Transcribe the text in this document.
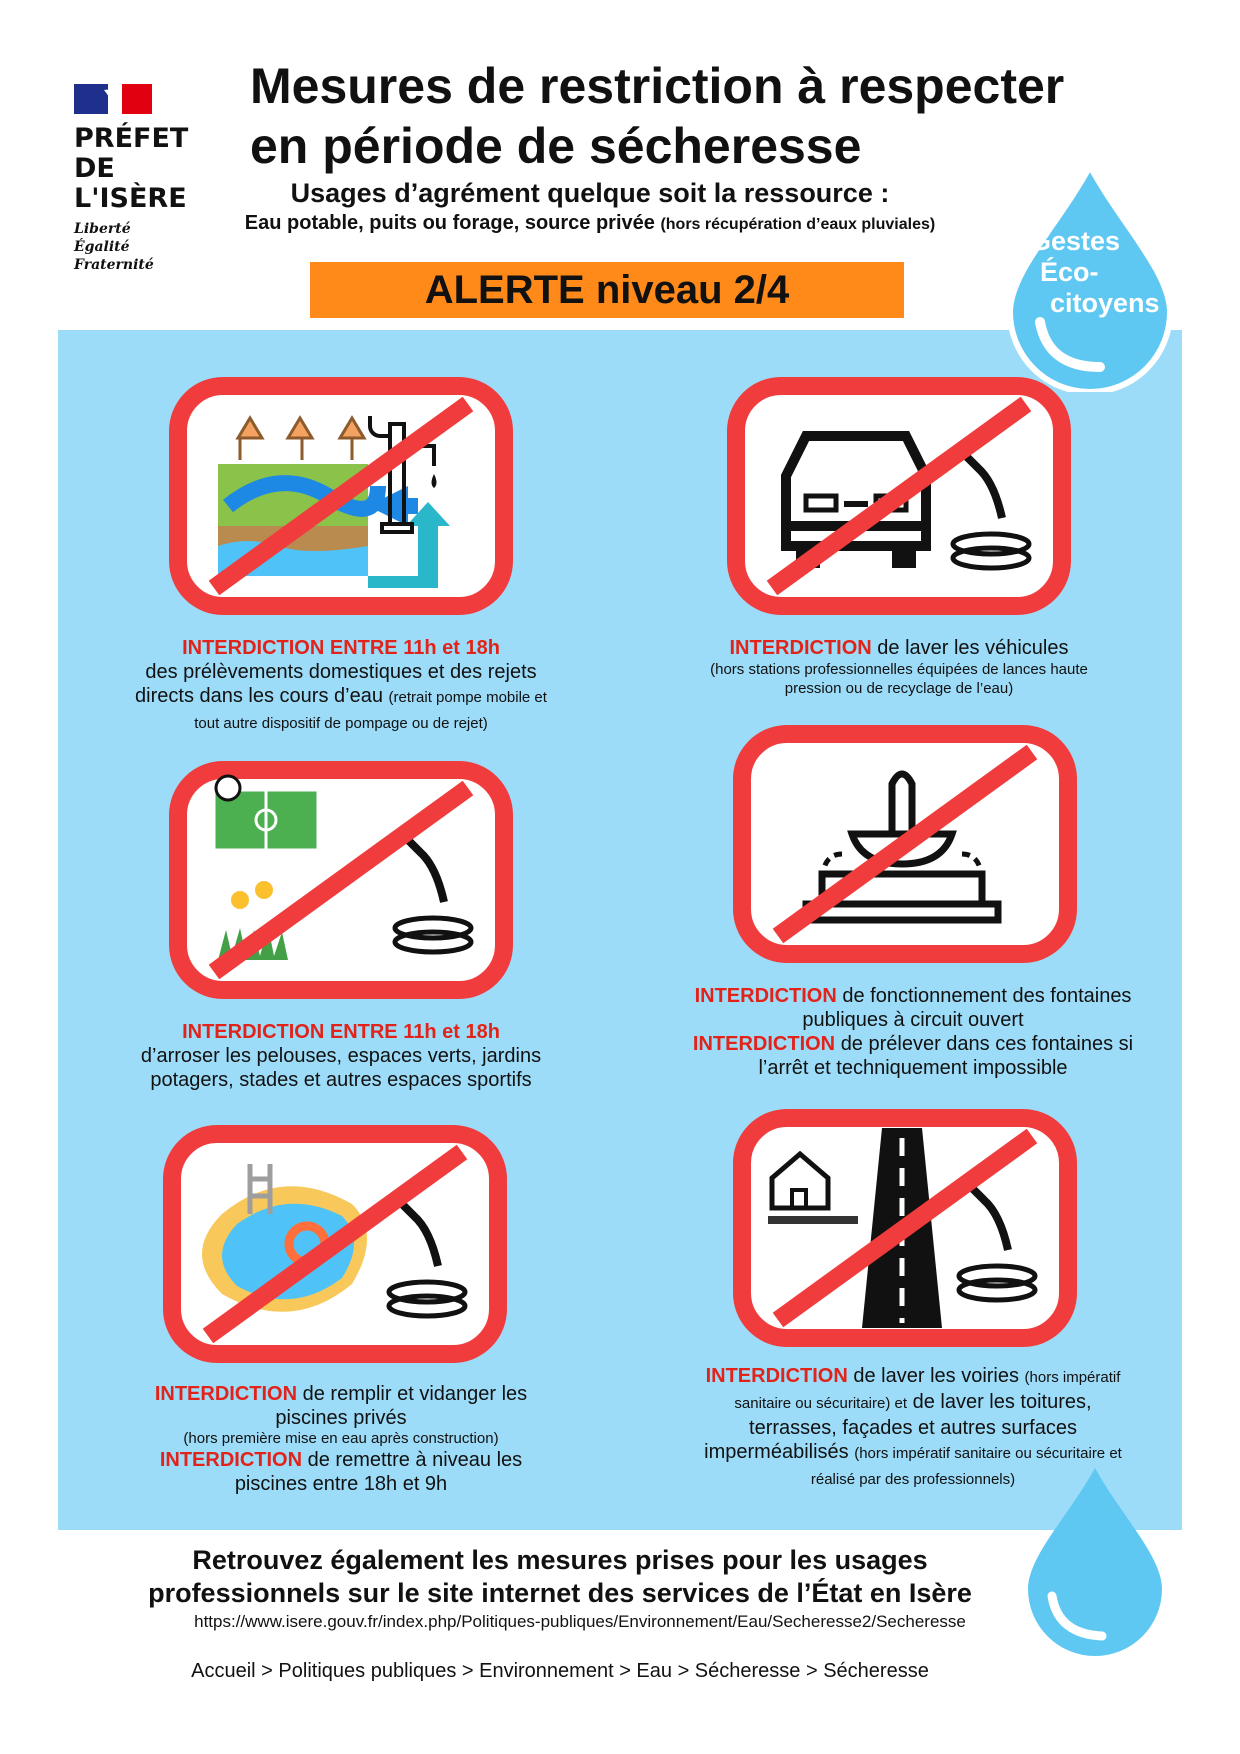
PRÉFET
DE L'ISÈRE
Liberté
Égalité
Fraternité
Mesures de restriction à respecter
en période de sécheresse
Usages d’agrément quelque soit la ressource :
Eau potable, puits ou forage, source privée (hors récupération d’eaux pluviales)
ALERTE niveau 2/4
Gestes
Éco-
citoyens
INTERDICTION ENTRE 11h et 18h
des prélèvements domestiques et des rejets directs dans les cours d’eau (retrait pompe mobile et tout autre dispositif de pompage ou de rejet)
INTERDICTION de laver les véhicules
(hors stations professionnelles équipées de lances haute pression ou de recyclage de l’eau)
INTERDICTION ENTRE 11h et 18h
d’arroser les pelouses, espaces verts, jardins potagers, stades et autres espaces sportifs
INTERDICTION de fonctionnement des fontaines publiques à circuit ouvert
INTERDICTION de prélever dans ces fontaines si l’arrêt et techniquement impossible
INTERDICTION de remplir et vidanger les piscines privés
(hors première mise en eau après construction)
INTERDICTION de remettre à niveau les piscines entre 18h et 9h
INTERDICTION de laver les voiries (hors impératif sanitaire ou sécuritaire) et de laver les toitures, terrasses, façades et autres surfaces imperméabilisés (hors impératif sanitaire ou sécuritaire et réalisé par des professionnels)
Retrouvez également les mesures prises pour les usages
professionnels sur le site internet des services de l’État en Isère
https://www.isere.gouv.fr/index.php/Politiques-publiques/Environnement/Eau/Secheresse2/Secheresse
Accueil > Politiques publiques > Environnement > Eau > Sécheresse > Sécheresse
